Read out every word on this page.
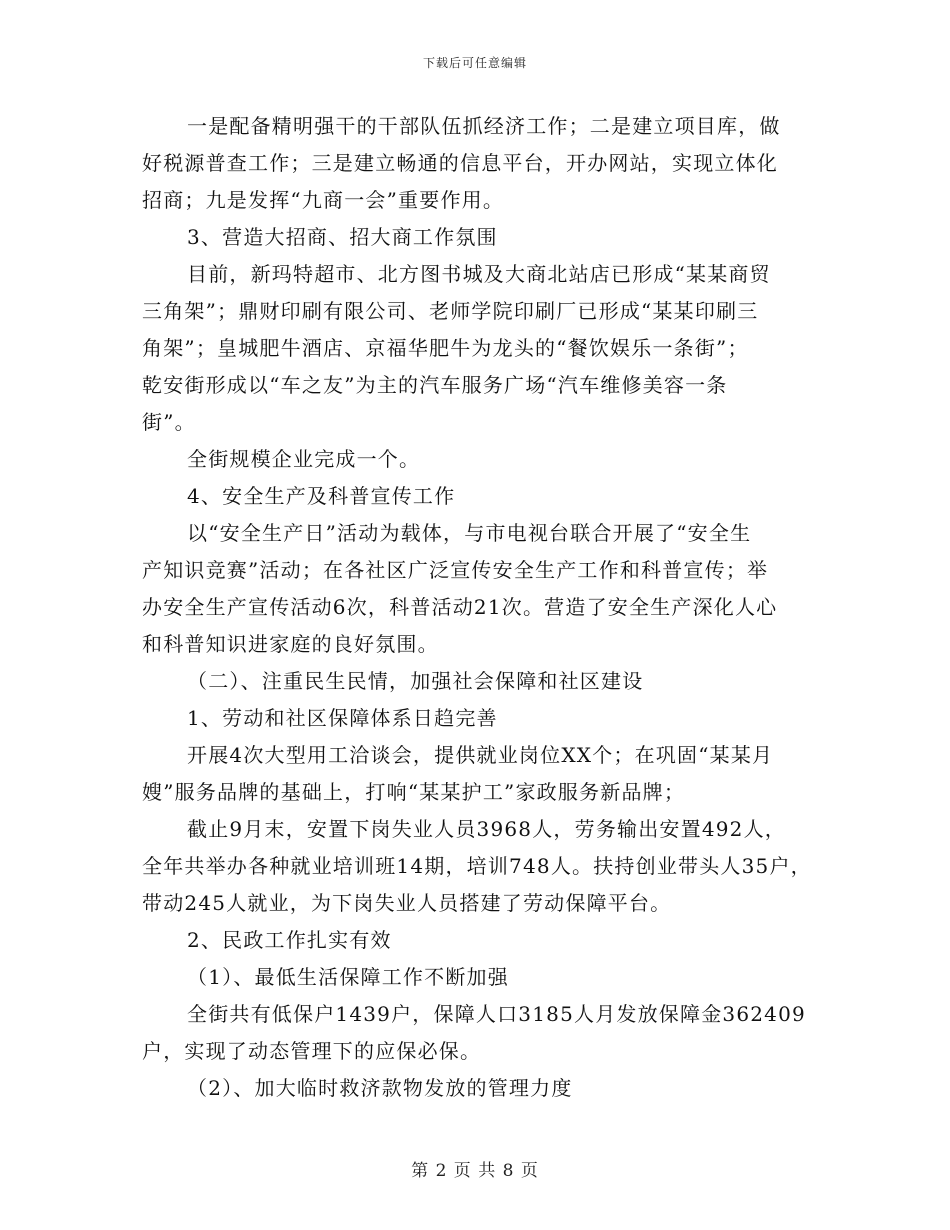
下载后可任意编辑
一是配备精明强干的干部队伍抓经济工作；二是建立项目库，做
好税源普查工作；三是建立畅通的信息平台，开办网站，实现立体化
招商；九是发挥“九商一会”重要作用。
3、营造大招商、招大商工作氛围
目前，新玛特超市、北方图书城及大商北站店已形成“某某商贸
三角架”；鼎财印刷有限公司、老师学院印刷厂已形成“某某印刷三
角架”；皇城肥牛酒店、京福华肥牛为龙头的“餐饮娱乐一条街”；
乾安街形成以“车之友”为主的汽车服务广场“汽车维修美容一条
街”。
全街规模企业完成一个。
4、安全生产及科普宣传工作
以“安全生产日”活动为载体，与市电视台联合开展了“安全生
产知识竞赛”活动；在各社区广泛宣传安全生产工作和科普宣传；举
办安全生产宣传活动6次，科普活动21次。营造了安全生产深化人心
和科普知识进家庭的良好氛围。
（二）、注重民生民情，加强社会保障和社区建设
1、劳动和社区保障体系日趋完善
开展4次大型用工洽谈会，提供就业岗位XX个；在巩固“某某月
嫂”服务品牌的基础上，打响“某某护工”家政服务新品牌；
截止9月末，安置下岗失业人员3968人，劳务输出安置492人，
全年共举办各种就业培训班14期，培训748人。扶持创业带头人35户，
带动245人就业，为下岗失业人员搭建了劳动保障平台。
2、民政工作扎实有效
（1）、最低生活保障工作不断加强
全街共有低保户1439户，保障人口3185人月发放保障金362409
户，实现了动态管理下的应保必保。
（2）、加大临时救济款物发放的管理力度
第 2 页 共 8 页
